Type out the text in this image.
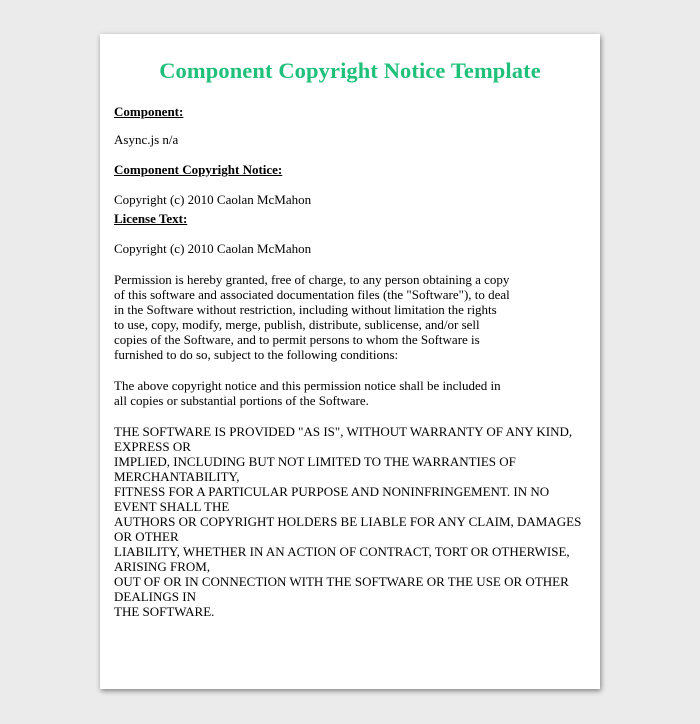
Component Copyright Notice Template
Component:
Async.js n/a
Component Copyright Notice:
Copyright (c) 2010 Caolan McMahon
License Text:
Copyright (c) 2010 Caolan McMahon
Permission is hereby granted, free of charge, to any person obtaining a copy
of this software and associated documentation files (the "Software"), to deal
in the Software without restriction, including without limitation the rights
to use, copy, modify, merge, publish, distribute, sublicense, and/or sell
copies of the Software, and to permit persons to whom the Software is
furnished to do so, subject to the following conditions:
The above copyright notice and this permission notice shall be included in
all copies or substantial portions of the Software.
THE SOFTWARE IS PROVIDED "AS IS", WITHOUT WARRANTY OF ANY KIND,
EXPRESS OR
IMPLIED, INCLUDING BUT NOT LIMITED TO THE WARRANTIES OF
MERCHANTABILITY,
FITNESS FOR A PARTICULAR PURPOSE AND NONINFRINGEMENT. IN NO
EVENT SHALL THE
AUTHORS OR COPYRIGHT HOLDERS BE LIABLE FOR ANY CLAIM, DAMAGES
OR OTHER
LIABILITY, WHETHER IN AN ACTION OF CONTRACT, TORT OR OTHERWISE,
ARISING FROM,
OUT OF OR IN CONNECTION WITH THE SOFTWARE OR THE USE OR OTHER
DEALINGS IN
THE SOFTWARE.
